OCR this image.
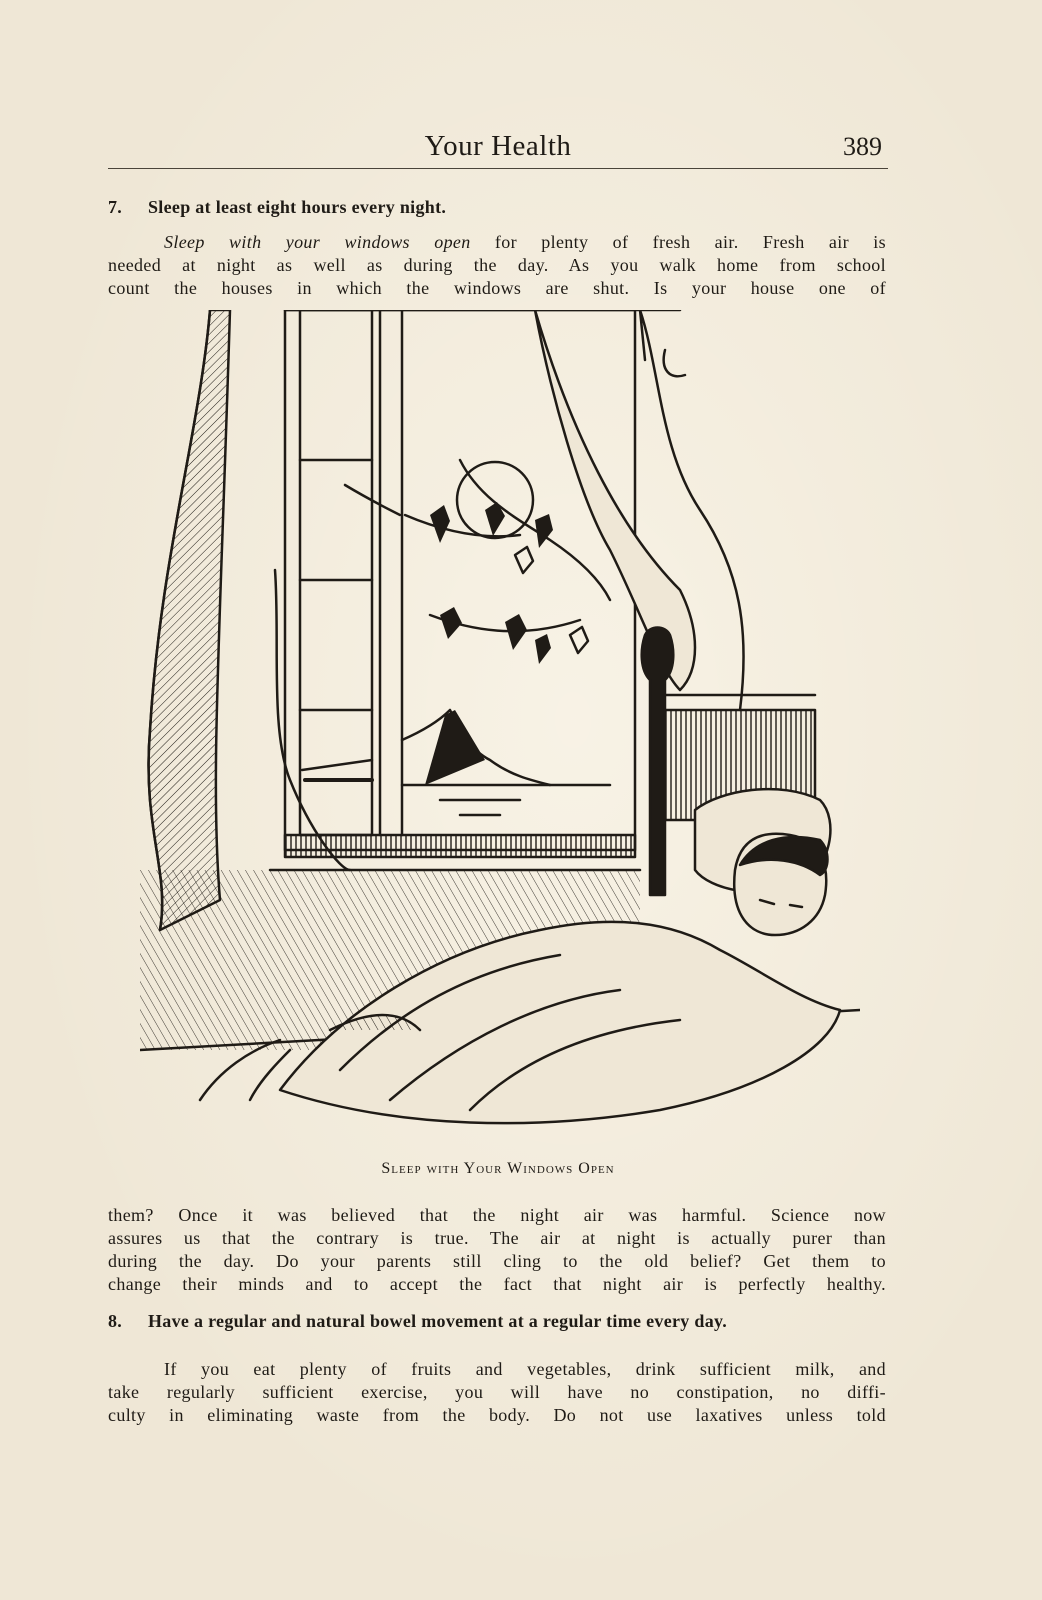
Your Health	389
7. Sleep at least eight hours every night.
Sleep with your windows open for plenty of fresh air. Fresh air is
needed at night as well as during the day. As you walk home from school
count the houses in which the windows are shut. Is your house one of
Sleep with Your Windows Open
them? Once it was believed that the night air was harmful. Science now
assures us that the contrary is true. The air at night is actually purer than
during the day. Do your parents still cling to the old belief? Get them to
change their minds and to accept the fact that night air is perfectly healthy.
8. Have a regular and natural bowel movement at a regular time every day.
If you eat plenty of fruits and vegetables, drink sufficient milk, and
take regularly sufficient exercise, you will have no constipation, no diffi-
culty in eliminating waste from the body. Do not use laxatives unless told
